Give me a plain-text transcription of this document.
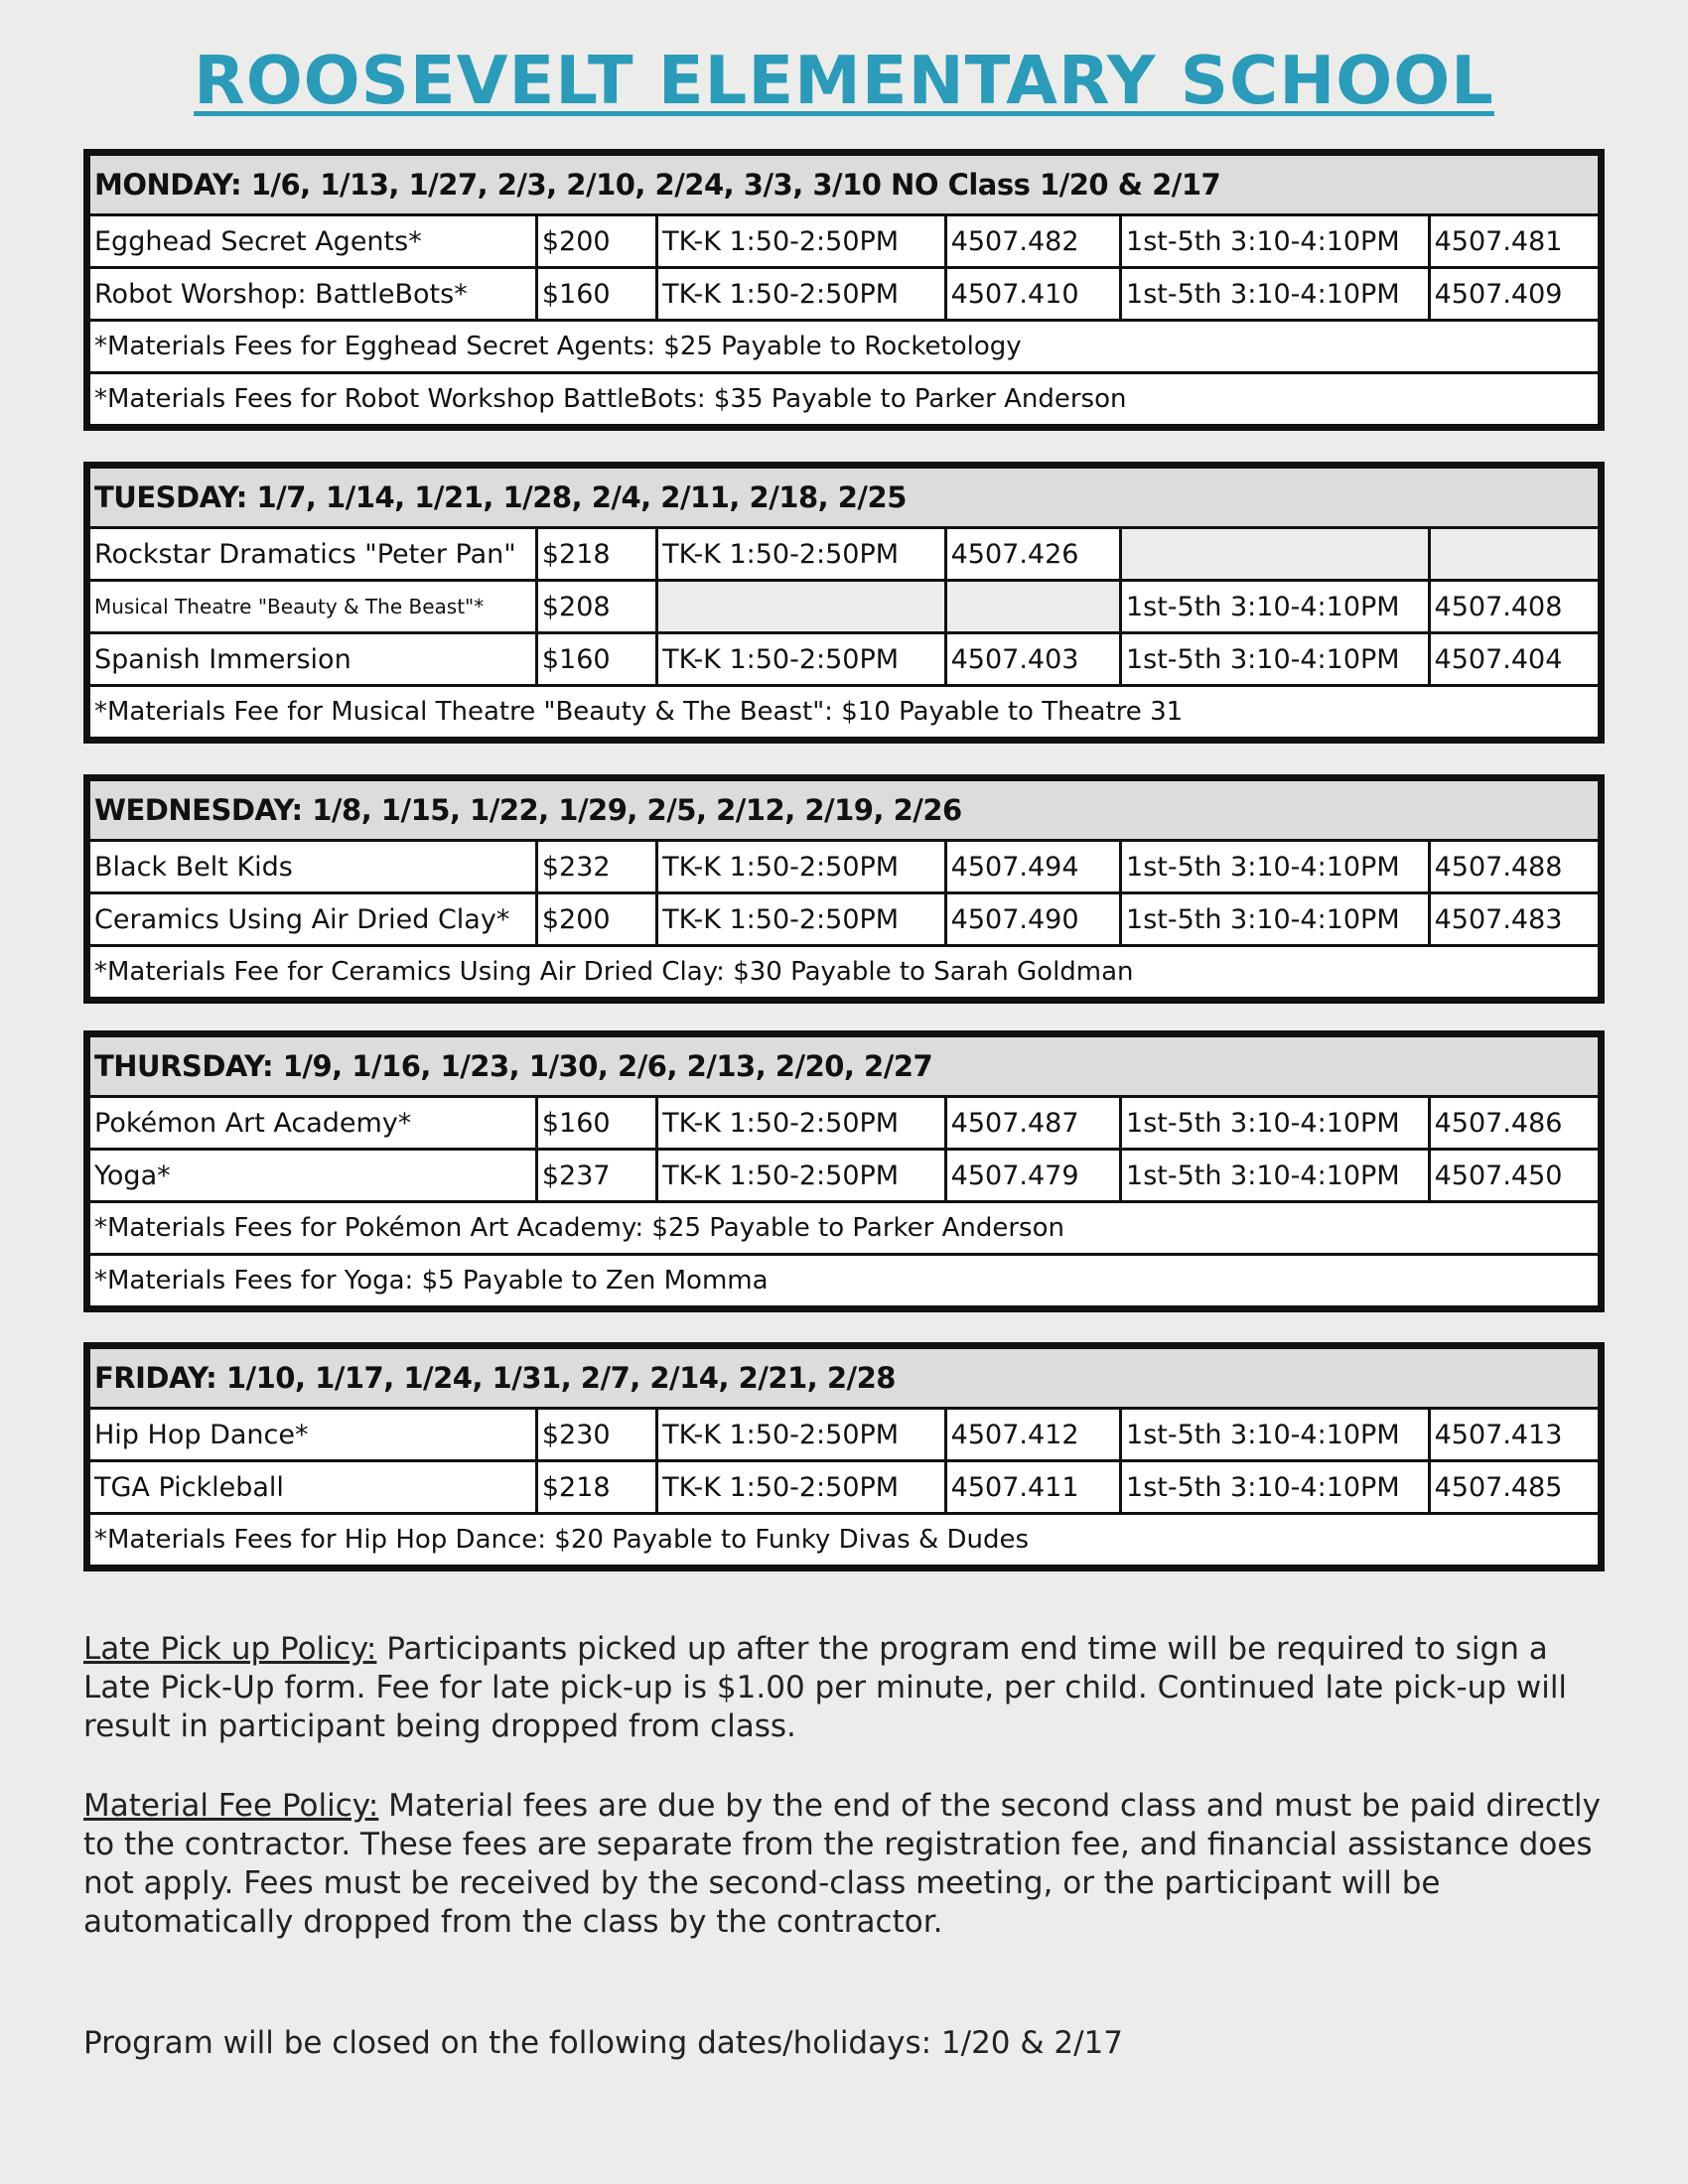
ROOSEVELT ELEMENTARY SCHOOL
MONDAY: 1/6, 1/13, 1/27, 2/3, 2/10, 2/24, 3/3, 3/10 NO Class 1/20 & 2/17					
Egghead Secret Agents*	$200	TK-K 1:50-2:50PM	4507.482	1st-5th 3:10-4:10PM	4507.481
Robot Worshop: BattleBots*	$160	TK-K 1:50-2:50PM	4507.410	1st-5th 3:10-4:10PM	4507.409
*Materials Fees for Egghead Secret Agents: $25 Payable to Rocketology					
*Materials Fees for Robot Workshop BattleBots: $35 Payable to Parker Anderson					
TUESDAY: 1/7, 1/14, 1/21, 1/28, 2/4, 2/11, 2/18, 2/25					
Rockstar Dramatics "Peter Pan"	$218	TK-K 1:50-2:50PM	4507.426		
Musical Theatre "Beauty & The Beast"*	$208			1st-5th 3:10-4:10PM	4507.408
Spanish Immersion	$160	TK-K 1:50-2:50PM	4507.403	1st-5th 3:10-4:10PM	4507.404
*Materials Fee for Musical Theatre "Beauty & The Beast": $10 Payable to Theatre 31					
WEDNESDAY: 1/8, 1/15, 1/22, 1/29, 2/5, 2/12, 2/19, 2/26					
Black Belt Kids	$232	TK-K 1:50-2:50PM	4507.494	1st-5th 3:10-4:10PM	4507.488
Ceramics Using Air Dried Clay*	$200	TK-K 1:50-2:50PM	4507.490	1st-5th 3:10-4:10PM	4507.483
*Materials Fee for Ceramics Using Air Dried Clay: $30 Payable to Sarah Goldman					
THURSDAY: 1/9, 1/16, 1/23, 1/30, 2/6, 2/13, 2/20, 2/27					
Pokémon Art Academy*	$160	TK-K 1:50-2:50PM	4507.487	1st-5th 3:10-4:10PM	4507.486
Yoga*	$237	TK-K 1:50-2:50PM	4507.479	1st-5th 3:10-4:10PM	4507.450
*Materials Fees for Pokémon Art Academy: $25 Payable to Parker Anderson					
*Materials Fees for Yoga: $5 Payable to Zen Momma					
FRIDAY: 1/10, 1/17, 1/24, 1/31, 2/7, 2/14, 2/21, 2/28					
Hip Hop Dance*	$230	TK-K 1:50-2:50PM	4507.412	1st-5th 3:10-4:10PM	4507.413
TGA Pickleball	$218	TK-K 1:50-2:50PM	4507.411	1st-5th 3:10-4:10PM	4507.485
*Materials Fees for Hip Hop Dance: $20 Payable to Funky Divas & Dudes					
Late Pick up Policy: Participants picked up after the program end time will be required to sign a Late Pick-Up form. Fee for late pick-up is $1.00 per minute, per child. Continued late pick-up will result in participant being dropped from class.
Material Fee Policy: Material fees are due by the end of the second class and must be paid directly to the contractor. These fees are separate from the registration fee, and financial assistance does not apply. Fees must be received by the second-class meeting, or the participant will be automatically dropped from the class by the contractor.
Program will be closed on the following dates/holidays: 1/20 & 2/17
